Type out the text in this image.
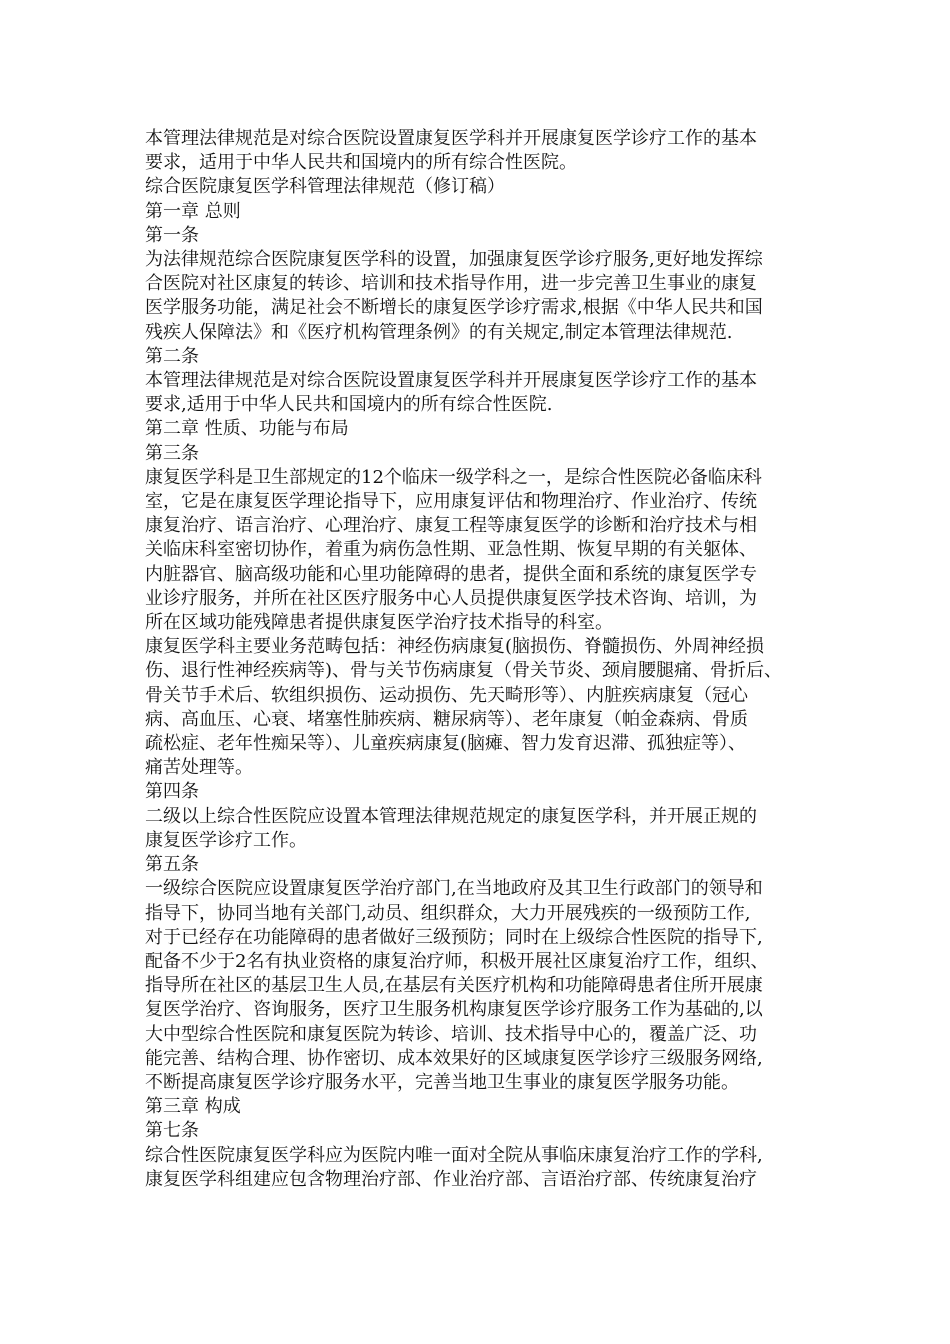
本管理法律规范是对综合医院设置康复医学科并开展康复医学诊疗工作的基本

要求，适用于中华人民共和国境内的所有综合性医院。

综合医院康复医学科管理法律规范（修订稿）

第一章 总则

第一条

为法律规范综合医院康复医学科的设置，加强康复医学诊疗服务,更好地发挥综

合医院对社区康复的转诊、培训和技术指导作用，进一步完善卫生事业的康复

医学服务功能，满足社会不断增长的康复医学诊疗需求,根据《中华人民共和国

残疾人保障法》和《医疗机构管理条例》的有关规定,制定本管理法律规范.

第二条

本管理法律规范是对综合医院设置康复医学科并开展康复医学诊疗工作的基本

要求,适用于中华人民共和国境内的所有综合性医院.

第二章 性质、功能与布局

第三条

康复医学科是卫生部规定的12个临床一级学科之一，是综合性医院必备临床科

室，它是在康复医学理论指导下，应用康复评估和物理治疗、作业治疗、传统

康复治疗、语言治疗、心理治疗、康复工程等康复医学的诊断和治疗技术与相

关临床科室密切协作，着重为病伤急性期、亚急性期、恢复早期的有关躯体、

内脏器官、脑高级功能和心里功能障碍的患者，提供全面和系统的康复医学专

业诊疗服务，并所在社区医疗服务中心人员提供康复医学技术咨询、培训，为

所在区域功能残障患者提供康复医学治疗技术指导的科室。

康复医学科主要业务范畴包括：神经伤病康复(脑损伤、脊髓损伤、外周神经损

伤、退行性神经疾病等)、骨与关节伤病康复（骨关节炎、颈肩腰腿痛、骨折后、

骨关节手术后、软组织损伤、运动损伤、先天畸形等）、内脏疾病康复（冠心

病、高血压、心衰、堵塞性肺疾病、糖尿病等）、老年康复（帕金森病、骨质

疏松症、老年性痴呆等）、儿童疾病康复(脑瘫、智力发育迟滞、孤独症等）、

痛苦处理等。

第四条

二级以上综合性医院应设置本管理法律规范规定的康复医学科，并开展正规的

康复医学诊疗工作。

第五条

一级综合医院应设置康复医学治疗部门,在当地政府及其卫生行政部门的领导和

指导下，协同当地有关部门,动员、组织群众，大力开展残疾的一级预防工作,

对于已经存在功能障碍的患者做好三级预防；同时在上级综合性医院的指导下,

配备不少于2名有执业资格的康复治疗师，积极开展社区康复治疗工作，组织、

指导所在社区的基层卫生人员,在基层有关医疗机构和功能障碍患者住所开展康

复医学治疗、咨询服务，医疗卫生服务机构康复医学诊疗服务工作为基础的,以

大中型综合性医院和康复医院为转诊、培训、技术指导中心的，覆盖广泛、功

能完善、结构合理、协作密切、成本效果好的区域康复医学诊疗三级服务网络,

不断提高康复医学诊疗服务水平，完善当地卫生事业的康复医学服务功能。

第三章 构成

第七条

综合性医院康复医学科应为医院内唯一面对全院从事临床康复治疗工作的学科,

康复医学科组建应包含物理治疗部、作业治疗部、言语治疗部、传统康复治疗
